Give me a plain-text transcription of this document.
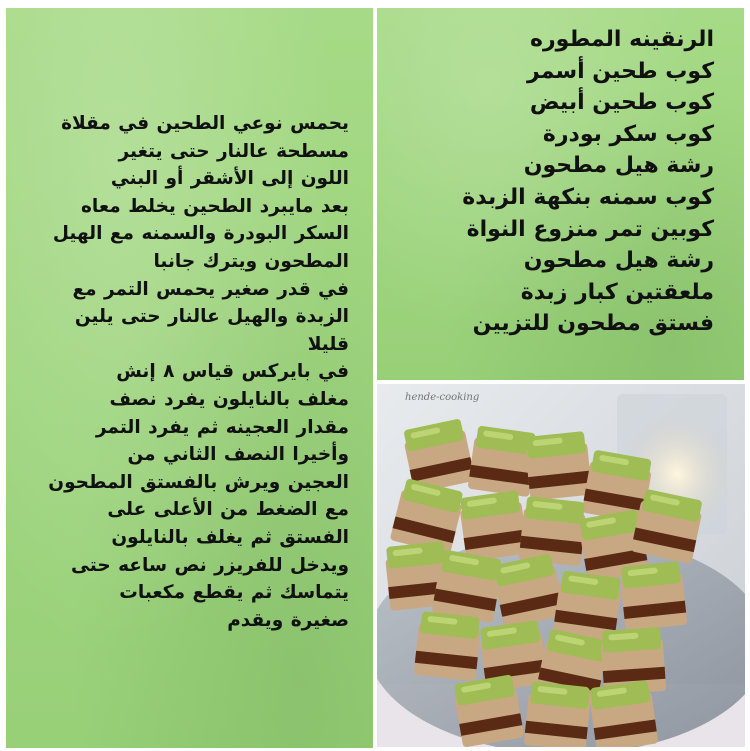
يحمس نوعي الطحين في مقلاة
مسطحة عالنار حتى يتغير
اللون إلى الأشقر أو البني
بعد مايبرد الطحين يخلط معاه
السكر البودرة والسمنه مع الهيل
المطحون ويترك جانبا
في قدر صغير يحمس التمر مع
الزبدة والهيل عالنار حتى يلين
قليلا
في بايركس قياس ٨ إنش
مغلف بالنايلون يفرد نصف
مقدار العجينه ثم يفرد التمر
وأخيرا النصف الثاني من
العجين ويرش بالفستق المطحون
مع الضغط من الأعلى على
الفستق ثم يغلف بالنايلون
ويدخل للفريزر نص ساعه حتى
يتماسك ثم يقطع مكعبات
صغيرة ويقدم
الرنقينه المطوره
كوب طحين أسمر
كوب طحين أبيض
كوب سكر بودرة
رشة هيل مطحون
كوب سمنه بنكهة الزبدة
كوبين تمر منزوع النواة
رشة هيل مطحون
ملعقتين كبار زبدة
فستق مطحون للتزيين
hende-cooking
